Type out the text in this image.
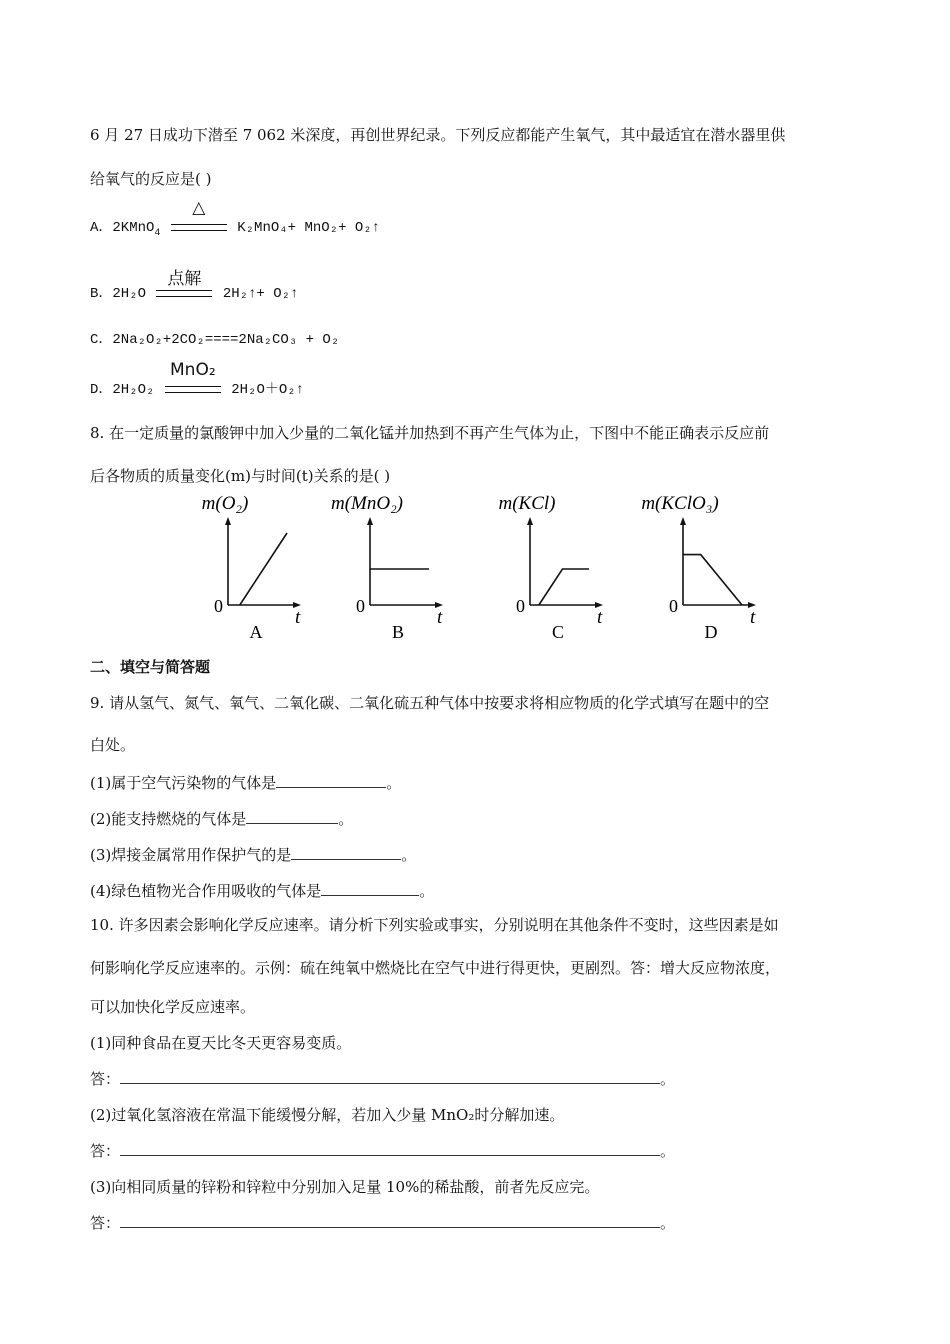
6 月 27 日成功下潜至 7 062 米深度，再创世界纪录。下列反应都能产生氧气，其中最适宜在潜水器里供
给氧气的反应是( )
A．2KMnO$_4$
△
K₂MnO₄+ MnO₂+ O₂↑
B．2H₂O
点解
2H₂↑+ O₂↑
C．2Na₂O₂+2CO₂====2Na₂CO₃ + O₂
D．2H₂O₂
MnO₂
2H₂O＋O₂↑
8. 在一定质量的氯酸钾中加入少量的二氧化锰并加热到不再产生气体为止，下图中不能正确表示反应前
后各物质的质量变化(m)与时间(t)关系的是( )
m(O₂)
0
t
A
m(MnO₂)
0
t
B
m(KCl)
0
t
C
m(KClO₃)
0
t
D
二、填空与简答题
9. 请从氢气、氮气、氧气、二氧化碳、二氧化硫五种气体中按要求将相应物质的化学式填写在题中的空
白处。
(1)属于空气污染物的气体是	。
(2)能支持燃烧的气体是	。
(3)焊接金属常用作保护气的是	。
(4)绿色植物光合作用吸收的气体是	。
10. 许多因素会影响化学反应速率。请分析下列实验或事实，分别说明在其他条件不变时，这些因素是如
何影响化学反应速率的。示例：硫在纯氧中燃烧比在空气中进行得更快，更剧烈。答：增大反应物浓度，
可以加快化学反应速率。
(1)同种食品在夏天比冬天更容易变质。
答：	。
(2)过氧化氢溶液在常温下能缓慢分解，若加入少量 MnO₂时分解加速。
答：	。
(3)向相同质量的锌粉和锌粒中分别加入足量 10%的稀盐酸，前者先反应完。
答：	。
